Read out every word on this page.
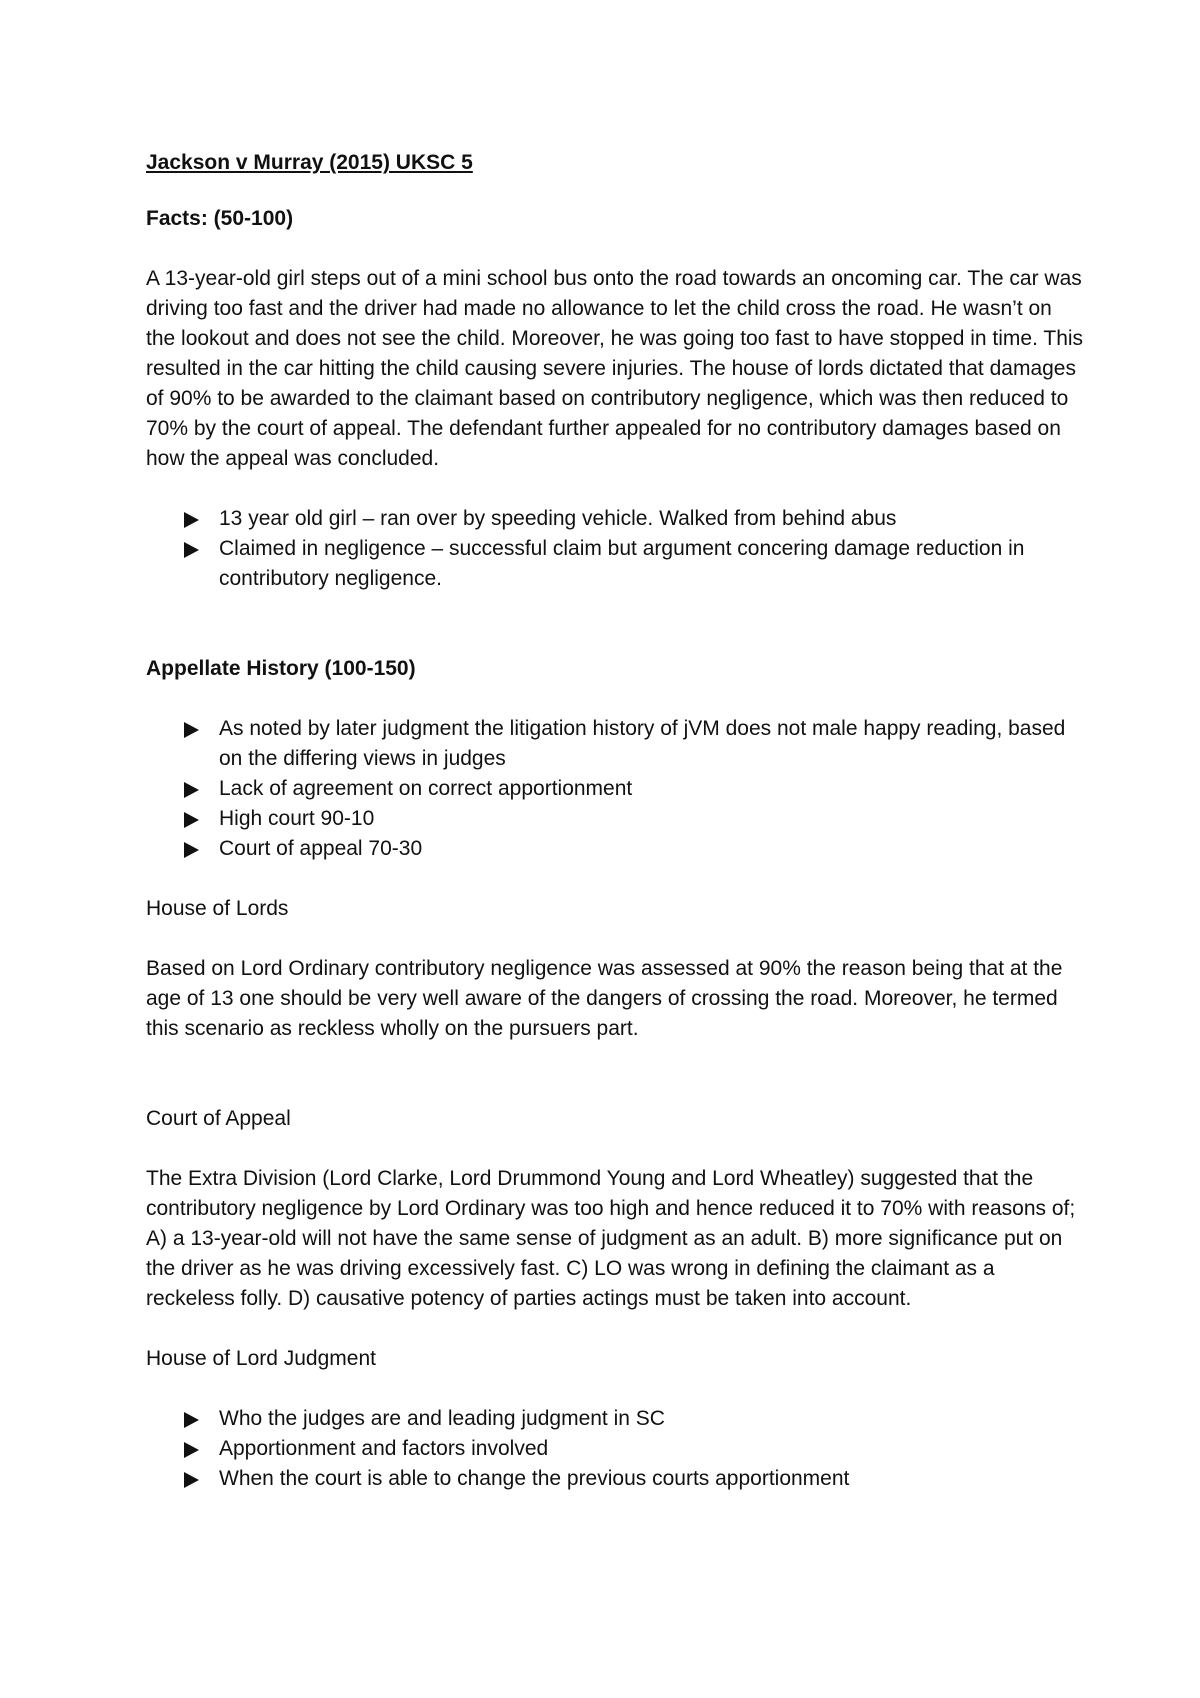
Jackson v Murray (2015) UKSC 5
Facts: (50-100)

A 13-year-old girl steps out of a mini school bus onto the road towards an oncoming car. The car was driving too fast and the driver had made no allowance to let the child cross the road. He wasn’t on the lookout and does not see the child. Moreover, he was going too fast to have stopped in time. This resulted in the car hitting the child causing severe injuries. The house of lords dictated that damages of 90% to be awarded to the claimant based on contributory negligence, which was then reduced to 70% by the court of appeal. The defendant further appealed for no contributory damages based on how the appeal was concluded.

13 year old girl – ran over by speeding vehicle. Walked from behind abus
Claimed in negligence – successful claim but argument concering damage reduction in contributory negligence.
Appellate History (100-150)
As noted by later judgment the litigation history of jVM does not male happy reading, based on the differing views in judges
Lack of agreement on correct apportionment
High court 90-10
Court of appeal 70-30
House of Lords

Based on Lord Ordinary contributory negligence was assessed at 90% the reason being that at the age of 13 one should be very well aware of the dangers of crossing the road. Moreover, he termed this scenario as reckless wholly on the pursuers part.

Court of Appeal

The Extra Division (Lord Clarke, Lord Drummond Young and Lord Wheatley) suggested that the contributory negligence by Lord Ordinary was too high and hence reduced it to 70% with reasons of; A) a 13-year-old will not have the same sense of judgment as an adult. B) more significance put on the driver as he was driving excessively fast. C) LO was wrong in defining the claimant as a reckeless folly. D) causative potency of parties actings must be taken into account.

House of Lord Judgment
Who the judges are and leading judgment in SC
Apportionment and factors involved
When the court is able to change the previous courts apportionment
